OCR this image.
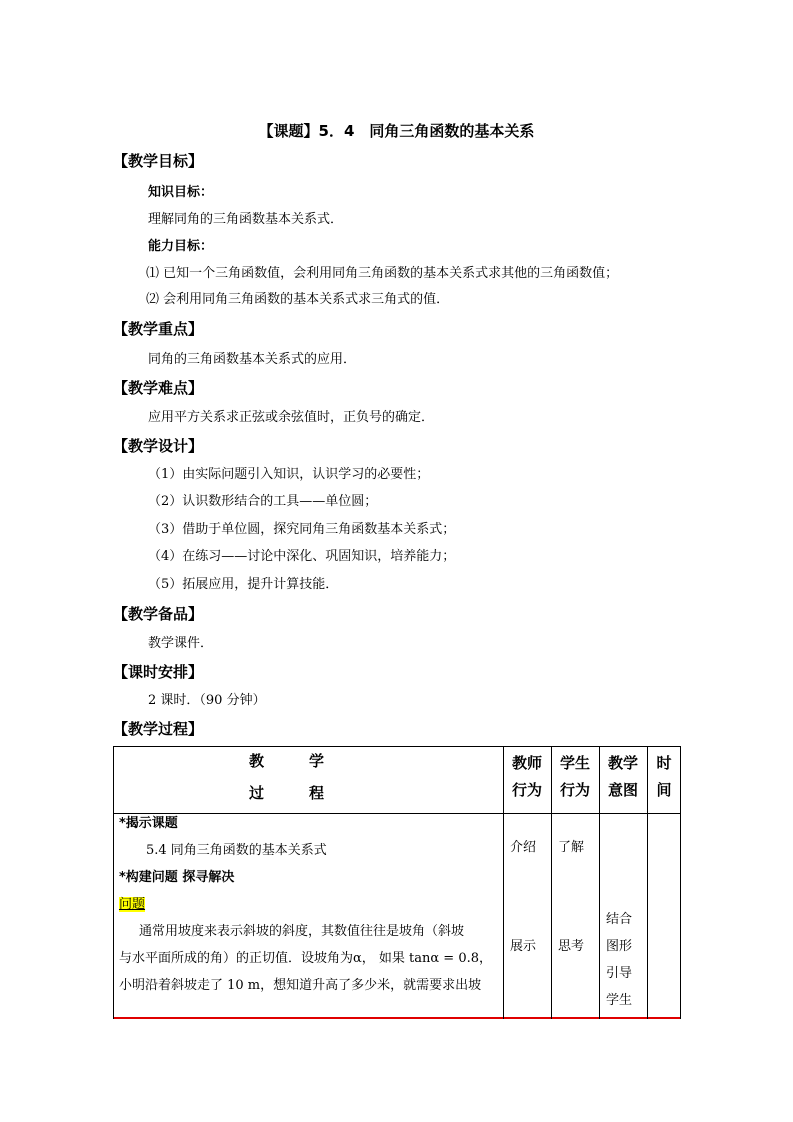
【课题】5．4　同角三角函数的基本关系
【教学目标】
知识目标：
理解同角的三角函数基本关系式．
能力目标：
⑴ 已知一个三角函数值，会利用同角三角函数的基本关系式求其他的三角函数值；
⑵ 会利用同角三角函数的基本关系式求三角式的值．
【教学重点】
同角的三角函数基本关系式的应用．
【教学难点】
应用平方关系求正弦或余弦值时，正负号的确定．
【教学设计】
（1）由实际问题引入知识，认识学习的必要性；
（2）认识数形结合的工具——单位圆；
（3）借助于单位圆，探究同角三角函数基本关系式；
（4）在练习——讨论中深化、巩固知识，培养能力；
（5）拓展应用，提升计算技能．
【教学备品】
教学课件．
【课时安排】
2 课时．（90 分钟）
【教学过程】
教　　　学
过　　　程
教师
行为
学生
行为
教学
意图
时
间
*揭示课题
5.4 同角三角函数的基本关系式
*构建问题 探寻解决
问题
通常用坡度来表示斜坡的斜度，其数值往往是坡角（斜坡
与水平面所成的角）的正切值．设坡角为α， 如果 tanα = 0.8，
小明沿着斜坡走了 10 m，想知道升高了多少米，就需要求出坡
介绍
展示
了解
思考
结合
图形
引导
学生
